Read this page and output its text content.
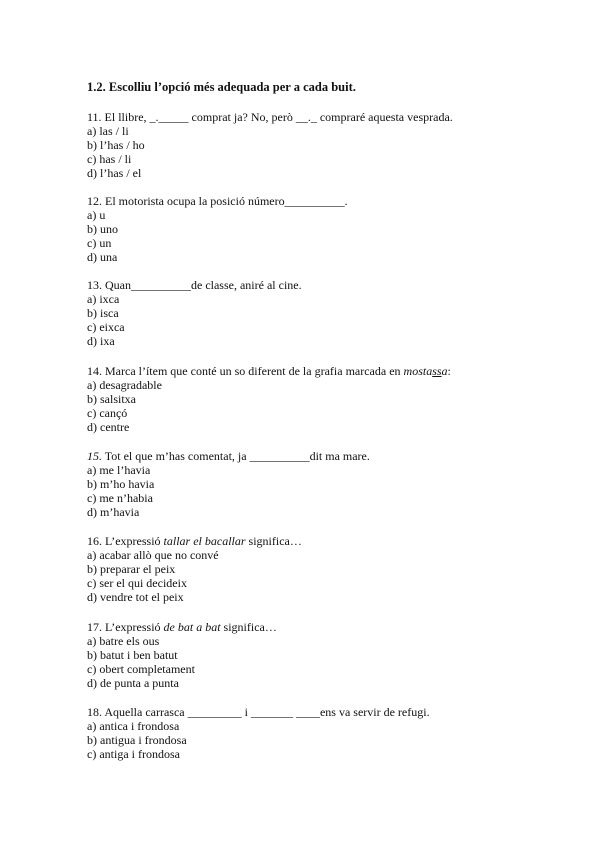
1.2. Escolliu l’opció més adequada per a cada buit.
11. El llibre, _._____ comprat ja? No, però __._ compraré aquesta vesprada.
a) las / li
b) l’has / ho
c) has / li
d) l’has / el
12. El motorista ocupa la posició número__________.
a) u
b) uno
c) un
d) una
13. Quan__________de classe, aniré al cine.
a) ixca
b) isca
c) eixca
d) ixa
14. Marca l’ítem que conté un so diferent de la grafia marcada en mostassa:
a) desagradable
b) salsitxa
c) cançó
d) centre
15. Tot el que m’has comentat, ja __________dit ma mare.
a) me l’havia
b) m’ho havia
c) me n’habia
d) m’havia
16. L’expressió tallar el bacallar significa…
a) acabar allò que no convé
b) preparar el peix
c) ser el qui decideix
d) vendre tot el peix
17. L’expressió de bat a bat significa…
a) batre els ous
b) batut i ben batut
c) obert completament
d) de punta a punta
18. Aquella carrasca _________ i _______ ____ens va servir de refugi.
a) antica i frondosa
b) antigua i frondosa
c) antiga i frondosa
